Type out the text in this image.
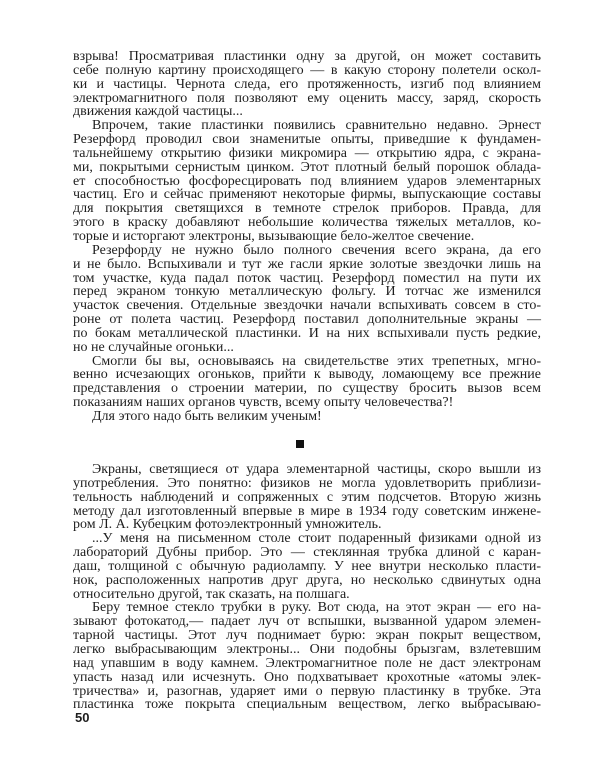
взрыва! Просматривая пластинки одну за другой, он может составить
себе полную картину происходящего — в какую сторону полетели оскол-
ки и частицы. Чернота следа, его протяженность, изгиб под влиянием
электромагнитного поля позволяют ему оценить массу, заряд, скорость
движения каждой частицы...
Впрочем, такие пластинки появились сравнительно недавно. Эрнест
Резерфорд проводил свои знаменитые опыты, приведшие к фундамен-
тальнейшему открытию физики микромира — открытию ядра, с экрана-
ми, покрытыми сернистым цинком. Этот плотный белый порошок облада-
ет способностью фосфоресцировать под влиянием ударов элементарных
частиц. Его и сейчас применяют некоторые фирмы, выпускающие составы
для покрытия светящихся в темноте стрелок приборов. Правда, для
этого в краску добавляют небольшие количества тяжелых металлов, ко-
торые и исторгают электроны, вызывающие бело-желтое свечение.
Резерфорду не нужно было полного свечения всего экрана, да его
и не было. Вспыхивали и тут же гасли яркие золотые звездочки лишь на
том участке, куда падал поток частиц. Резерфорд поместил на пути их
перед экраном тонкую металлическую фольгу. И тотчас же изменился
участок свечения. Отдельные звездочки начали вспыхивать совсем в сто-
роне от полета частиц. Резерфорд поставил дополнительные экраны —
по бокам металлической пластинки. И на них вспыхивали пусть редкие,
но не случайные огоньки...
Смогли бы вы, основываясь на свидетельстве этих трепетных, мгно-
венно исчезающих огоньков, прийти к выводу, ломающему все прежние
представления о строении материи, по существу бросить вызов всем
показаниям наших органов чувств, всему опыту человечества?!
Для этого надо быть великим ученым!
Экраны, светящиеся от удара элементарной частицы, скоро вышли из
употребления. Это понятно: физиков не могла удовлетворить приблизи-
тельность наблюдений и сопряженных с этим подсчетов. Вторую жизнь
методу дал изготовленный впервые в мире в 1934 году советским инжене-
ром Л. А. Кубецким фотоэлектронный умножитель.
...У меня на письменном столе стоит подаренный физиками одной из
лабораторий Дубны прибор. Это — стеклянная трубка длиной с каран-
даш, толщиной с обычную радиолампу. У нее внутри несколько пласти-
нок, расположенных напротив друг друга, но несколько сдвинутых одна
относительно другой, так сказать, на полшага.
Беру темное стекло трубки в руку. Вот сюда, на этот экран — его на-
зывают фотокатод,— падает луч от вспышки, вызванной ударом элемен-
тарной частицы. Этот луч поднимает бурю: экран покрыт веществом,
легко выбрасывающим электроны... Они подобны брызгам, взлетевшим
над упавшим в воду камнем. Электромагнитное поле не даст электронам
упасть назад или исчезнуть. Оно подхватывает крохотные «атомы элек-
тричества» и, разогнав, ударяет ими о первую пластинку в трубке. Эта
пластинка тоже покрыта специальным веществом, легко выбрасываю-
50
